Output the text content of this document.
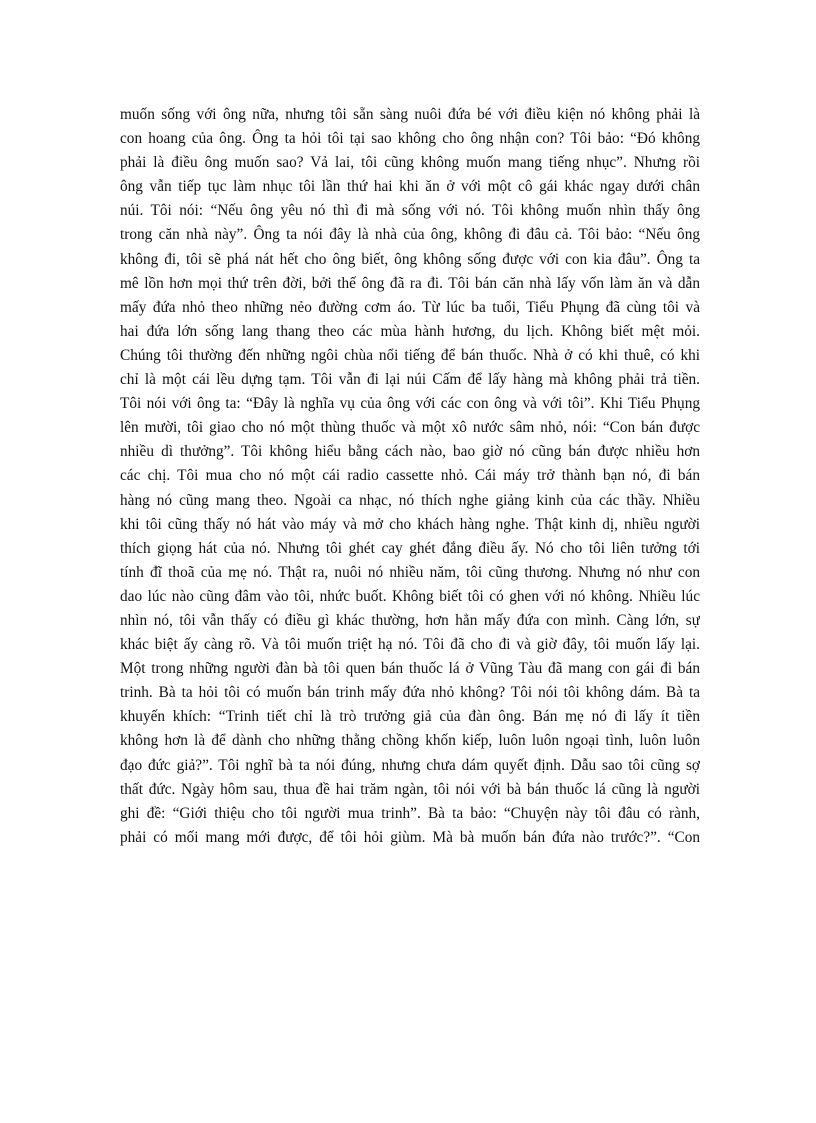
muốn sống với ông nữa, nhưng tôi sẵn sàng nuôi đứa bé với điều kiện nó không phải là
con hoang của ông. Ông ta hỏi tôi tại sao không cho ông nhận con? Tôi bảo: “Đó không
phải là điều ông muốn sao? Vả lai, tôi cũng không muốn mang tiếng nhục”. Nhưng rồi
ông vẫn tiếp tục làm nhục tôi lần thứ hai khi ăn ở với một cô gái khác ngay dưới chân
núi. Tôi nói: “Nếu ông yêu nó thì đi mà sống với nó. Tôi không muốn nhìn thấy ông
trong căn nhà này”. Ông ta nói đây là nhà của ông, không đi đâu cả. Tôi bảo: “Nếu ông
không đi, tôi sẽ phá nát hết cho ông biết, ông không sống được với con kia đâu”. Ông ta
mê lồn hơn mọi thứ trên đời, bởi thế ông đã ra đi. Tôi bán căn nhà lấy vốn làm ăn và dẫn
mấy đứa nhỏ theo những nẻo đường cơm áo. Từ lúc ba tuổi, Tiểu Phụng đã cùng tôi và
hai đứa lớn sống lang thang theo các mùa hành hương, du lịch. Không biết mệt mỏi.
Chúng tôi thường đến những ngôi chùa nổi tiếng để bán thuốc. Nhà ở có khi thuê, có khi
chỉ là một cái lều dựng tạm. Tôi vẫn đi lại núi Cấm để lấy hàng mà không phải trả tiền.
Tôi nói với ông ta: “Đây là nghĩa vụ của ông với các con ông và với tôi”. Khi Tiểu Phụng
lên mười, tôi giao cho nó một thùng thuốc và một xô nước sâm nhỏ, nói: “Con bán được
nhiều dì thưởng”. Tôi không hiểu bằng cách nào, bao giờ nó cũng bán được nhiều hơn
các chị. Tôi mua cho nó một cái radio cassette nhỏ. Cái máy trở thành bạn nó, đi bán
hàng nó cũng mang theo. Ngoài ca nhạc, nó thích nghe giảng kinh của các thầy. Nhiều
khi tôi cũng thấy nó hát vào máy và mở cho khách hàng nghe. Thật kinh dị, nhiều người
thích giọng hát của nó. Nhưng tôi ghét cay ghét đắng điều ấy. Nó cho tôi liên tưởng tới
tính đĩ thoã của mẹ nó. Thật ra, nuôi nó nhiều năm, tôi cũng thương. Nhưng nó như con
dao lúc nào cũng đâm vào tôi, nhức buốt. Không biết tôi có ghen với nó không. Nhiều lúc
nhìn nó, tôi vẫn thấy có điều gì khác thường, hơn hẳn mấy đứa con mình. Càng lớn, sự
khác biệt ấy càng rõ. Và tôi muốn triệt hạ nó. Tôi đã cho đi và giờ đây, tôi muốn lấy lại.
Một trong những người đàn bà tôi quen bán thuốc lá ở Vũng Tàu đã mang con gái đi bán
trinh. Bà ta hỏi tôi có muốn bán trinh mấy đứa nhỏ không? Tôi nói tôi không dám. Bà ta
khuyến khích: “Trinh tiết chỉ là trò trưởng giả của đàn ông. Bán mẹ nó đi lấy ít tiền
không hơn là để dành cho những thằng chồng khốn kiếp, luôn luôn ngoại tình, luôn luôn
đạo đức giả?”. Tôi nghĩ bà ta nói đúng, nhưng chưa dám quyết định. Dẫu sao tôi cũng sợ
thất đức. Ngày hôm sau, thua đề hai trăm ngàn, tôi nói với bà bán thuốc lá cũng là người
ghi đề: “Giới thiệu cho tôi người mua trinh”. Bà ta bảo: “Chuyện này tôi đâu có rành,
phải có mối mang mới được, để tôi hỏi giùm. Mà bà muốn bán đứa nào trước?”. “Con
